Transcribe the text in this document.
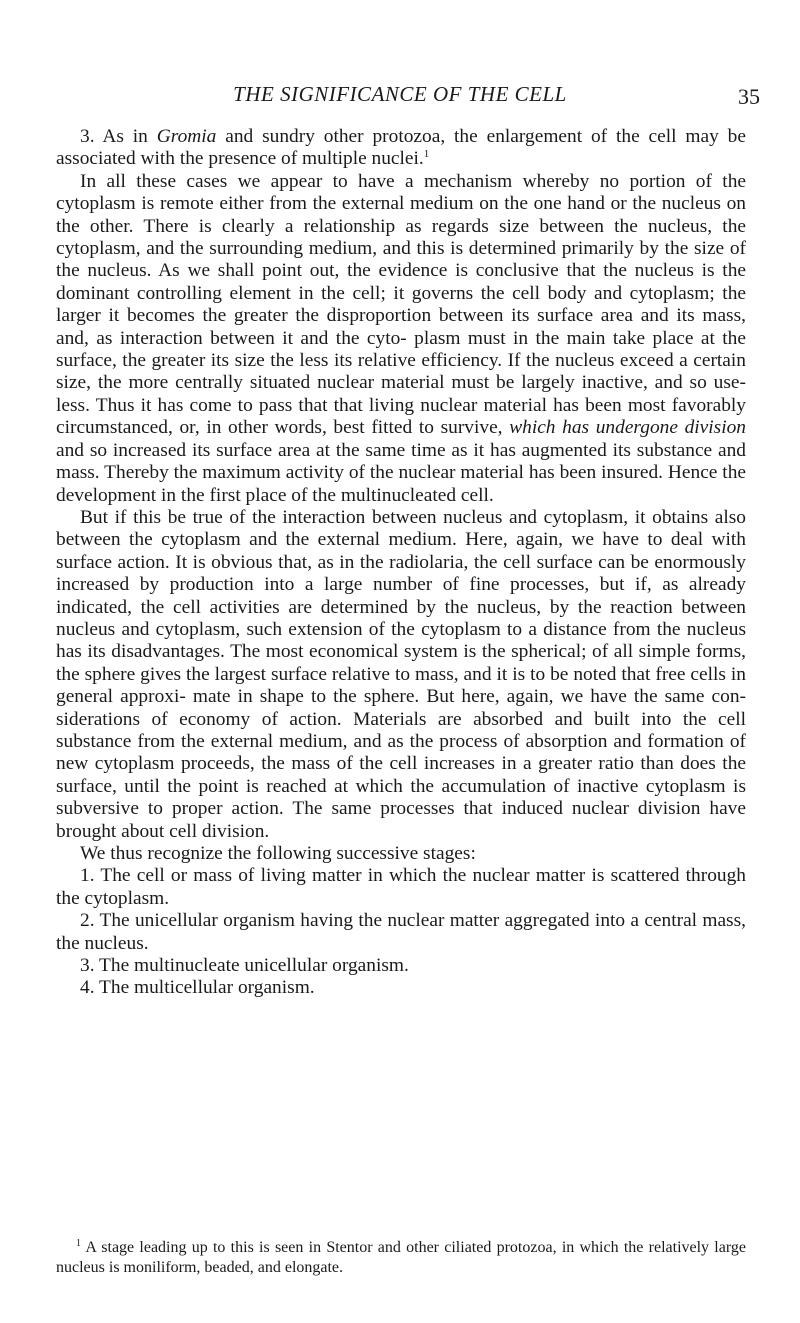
THE SIGNIFICANCE OF THE CELL	35

3. As in Gromia and sundry other protozoa, the enlargement of the cell may be associated with the presence of multiple nuclei.$^1$

In all these cases we appear to have a mechanism whereby no portion of the cytoplasm is remote either from the external medium on the one hand or the nucleus on the other. There is clearly a relationship as regards size between the nucleus, the cytoplasm, and the surrounding medium, and this is determined primarily by the size of the nucleus. As we shall point out, the evidence is conclusive that the nucleus is the dominant controlling element in the cell; it governs the cell body and cytoplasm; the larger it becomes the greater the disproportion between its surface area and its mass, and, as interaction between it and the cyto- plasm must in the main take place at the surface, the greater its size the less its relative efficiency. If the nucleus exceed a certain size, the more centrally situated nuclear material must be largely inactive, and so use- less. Thus it has come to pass that that living nuclear material has been most favorably circumstanced, or, in other words, best fitted to survive, which has undergone division and so increased its surface area at the same time as it has augmented its substance and mass. Thereby the maximum activity of the nuclear material has been insured. Hence the development in the first place of the multinucleated cell.

But if this be true of the interaction between nucleus and cytoplasm, it obtains also between the cytoplasm and the external medium. Here, again, we have to deal with surface action. It is obvious that, as in the radiolaria, the cell surface can be enormously increased by production into a large number of fine processes, but if, as already indicated, the cell activities are determined by the nucleus, by the reaction between nucleus and cytoplasm, such extension of the cytoplasm to a distance from the nucleus has its disadvantages. The most economical system is the spherical; of all simple forms, the sphere gives the largest surface relative to mass, and it is to be noted that free cells in general approxi- mate in shape to the sphere. But here, again, we have the same con- siderations of economy of action. Materials are absorbed and built into the cell substance from the external medium, and as the process of absorption and formation of new cytoplasm proceeds, the mass of the cell increases in a greater ratio than does the surface, until the point is reached at which the accumulation of inactive cytoplasm is subversive to proper action. The same processes that induced nuclear division have brought about cell division.

We thus recognize the following successive stages:

1. The cell or mass of living matter in which the nuclear matter is scattered through the cytoplasm.

2. The unicellular organism having the nuclear matter aggregated into a central mass, the nucleus.

3. The multinucleate unicellular organism.

4. The multicellular organism.

$^1$ A stage leading up to this is seen in Stentor and other ciliated protozoa, in which the relatively large nucleus is moniliform, beaded, and elongate.
